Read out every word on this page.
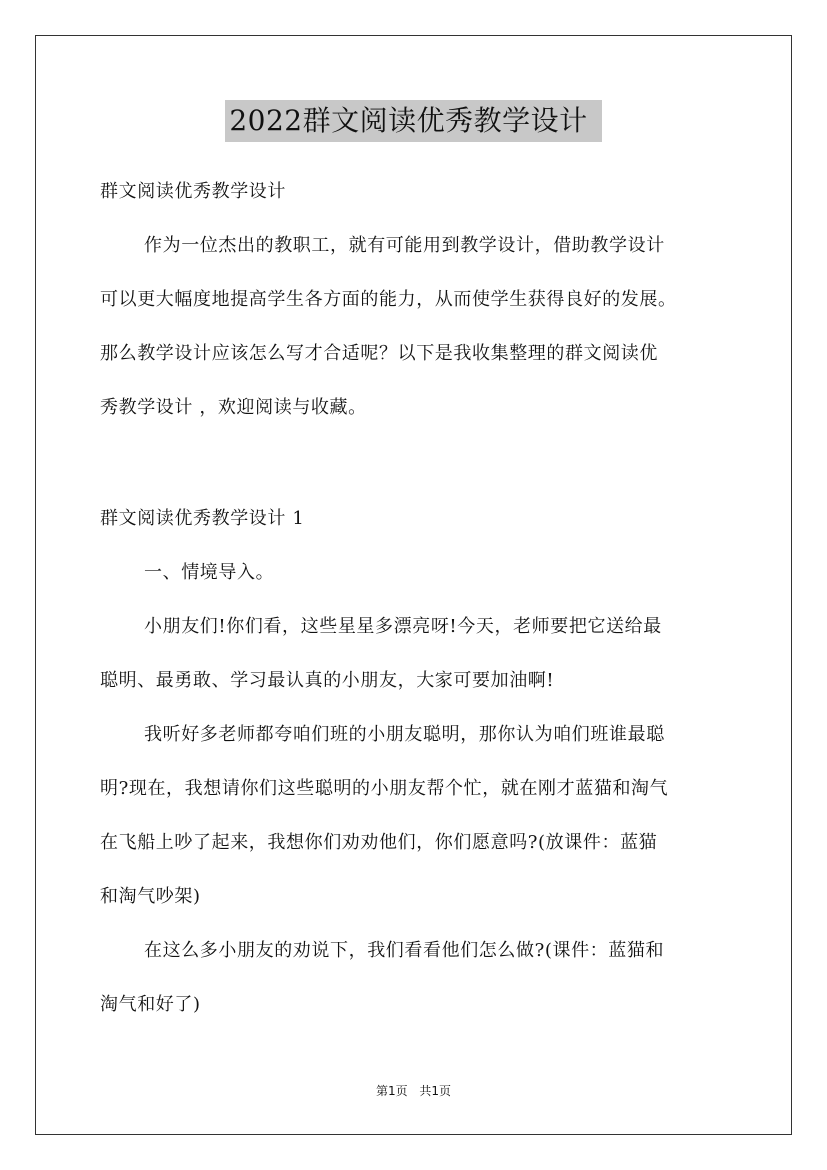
2022群文阅读优秀教学设计
群文阅读优秀教学设计
作为一位杰出的教职工，就有可能用到教学设计，借助教学设计
可以更大幅度地提高学生各方面的能力，从而使学生获得良好的发展。
那么教学设计应该怎么写才合适呢？以下是我收集整理的群文阅读优
秀教学设计 ，欢迎阅读与收藏。
群文阅读优秀教学设计 1
一、情境导入。
小朋友们!你们看，这些星星多漂亮呀!今天，老师要把它送给最
聪明、最勇敢、学习最认真的小朋友，大家可要加油啊!
我听好多老师都夸咱们班的小朋友聪明，那你认为咱们班谁最聪
明?现在，我想请你们这些聪明的小朋友帮个忙，就在刚才蓝猫和淘气
在飞船上吵了起来，我想你们劝劝他们，你们愿意吗?(放课件：蓝猫
和淘气吵架)
在这么多小朋友的劝说下，我们看看他们怎么做?(课件：蓝猫和
淘气和好了)
第1页 共1页
